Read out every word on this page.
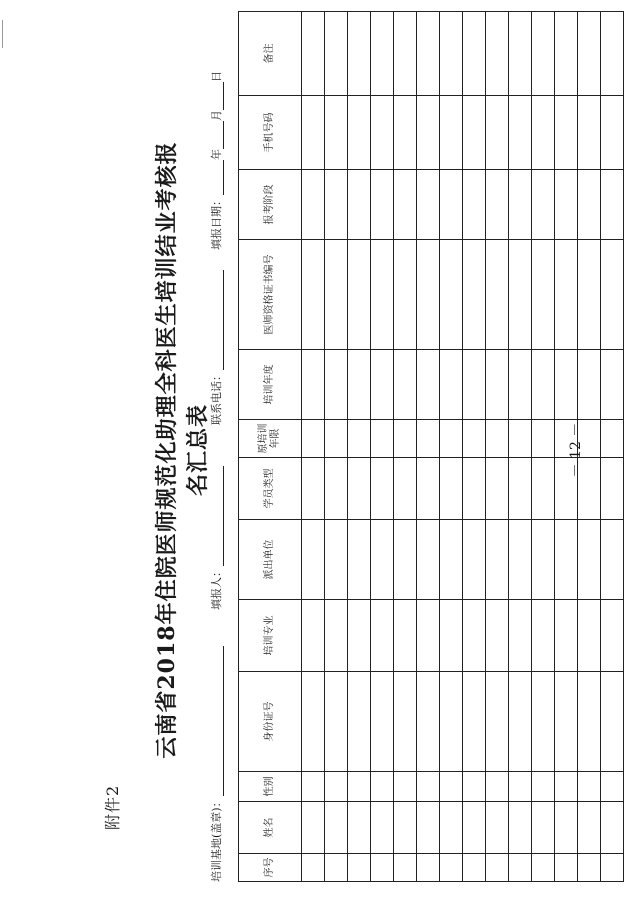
附件2
云南省2018年住院医师规范化助理全科医生培训结业考核报名汇总表
培训基地(盖章)：
填报人：
联系电话：
填报日期：年月日
序号	姓名	性别	身份证号	培训专业	派出单位	学员类型	原培训年限	培训年度	医师资格证书编号	报考阶段	手机号码	备注

－ 12 －
